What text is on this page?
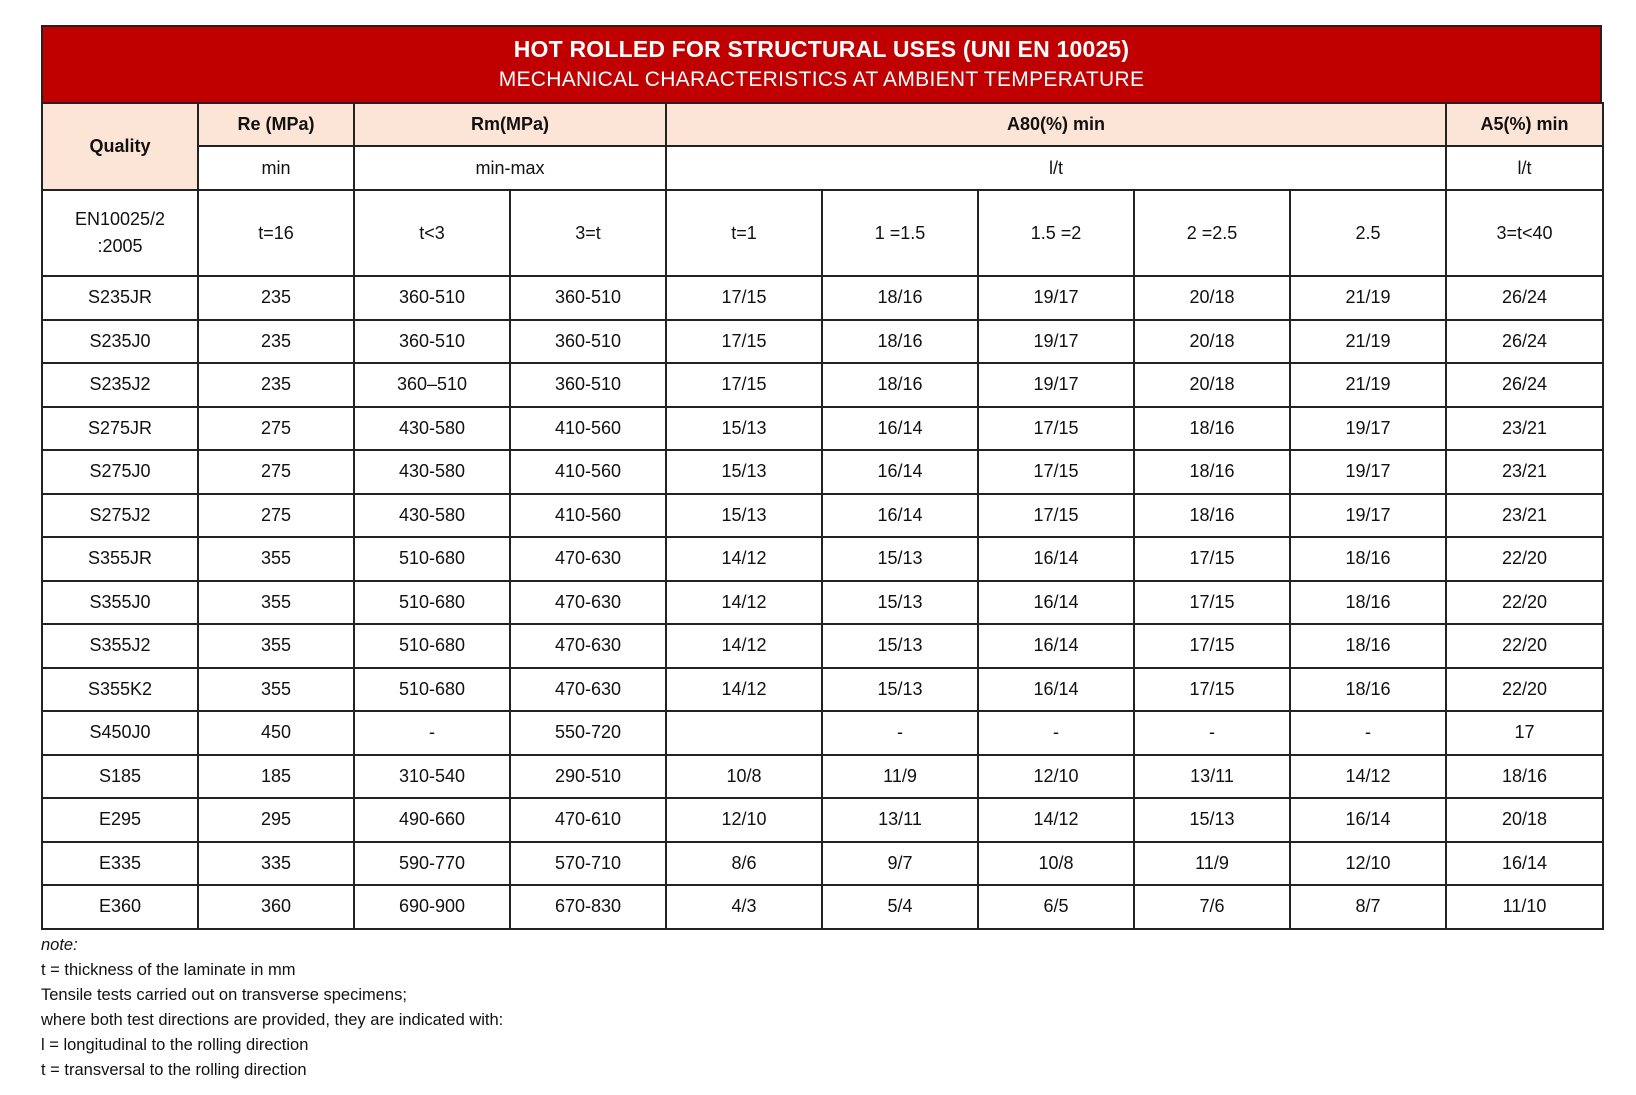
HOT ROLLED FOR STRUCTURAL USES (UNI EN 10025)
MECHANICAL CHARACTERISTICS AT AMBIENT TEMPERATURE
Quality	Re (MPa)	Rm(MPa)		A80(%) min					A5(%) min
	min	min-max		l/t					l/t
EN10025/2
:2005	t=16	t<3	3=t	t=1	1 =1.5	1.5 =2	2 =2.5	2.5	3=t<40
S235JR	235	360-510	360-510	17/15	18/16	19/17	20/18	21/19	26/24
S235J0	235	360-510	360-510	17/15	18/16	19/17	20/18	21/19	26/24
S235J2	235	360–510	360-510	17/15	18/16	19/17	20/18	21/19	26/24
S275JR	275	430-580	410-560	15/13	16/14	17/15	18/16	19/17	23/21
S275J0	275	430-580	410-560	15/13	16/14	17/15	18/16	19/17	23/21
S275J2	275	430-580	410-560	15/13	16/14	17/15	18/16	19/17	23/21
S355JR	355	510-680	470-630	14/12	15/13	16/14	17/15	18/16	22/20
S355J0	355	510-680	470-630	14/12	15/13	16/14	17/15	18/16	22/20
S355J2	355	510-680	470-630	14/12	15/13	16/14	17/15	18/16	22/20
S355K2	355	510-680	470-630	14/12	15/13	16/14	17/15	18/16	22/20
S450J0	450	-	550-720		-	-	-	-	17
S185	185	310-540	290-510	10/8	11/9	12/10	13/11	14/12	18/16
E295	295	490-660	470-610	12/10	13/11	14/12	15/13	16/14	20/18
E335	335	590-770	570-710	8/6	9/7	10/8	11/9	12/10	16/14
E360	360	690-900	670-830	4/3	5/4	6/5	7/6	8/7	11/10
note:
t = thickness of the laminate in mm
Tensile tests carried out on transverse specimens;
where both test directions are provided, they are indicated with:
l = longitudinal to the rolling direction
t = transversal to the rolling direction
